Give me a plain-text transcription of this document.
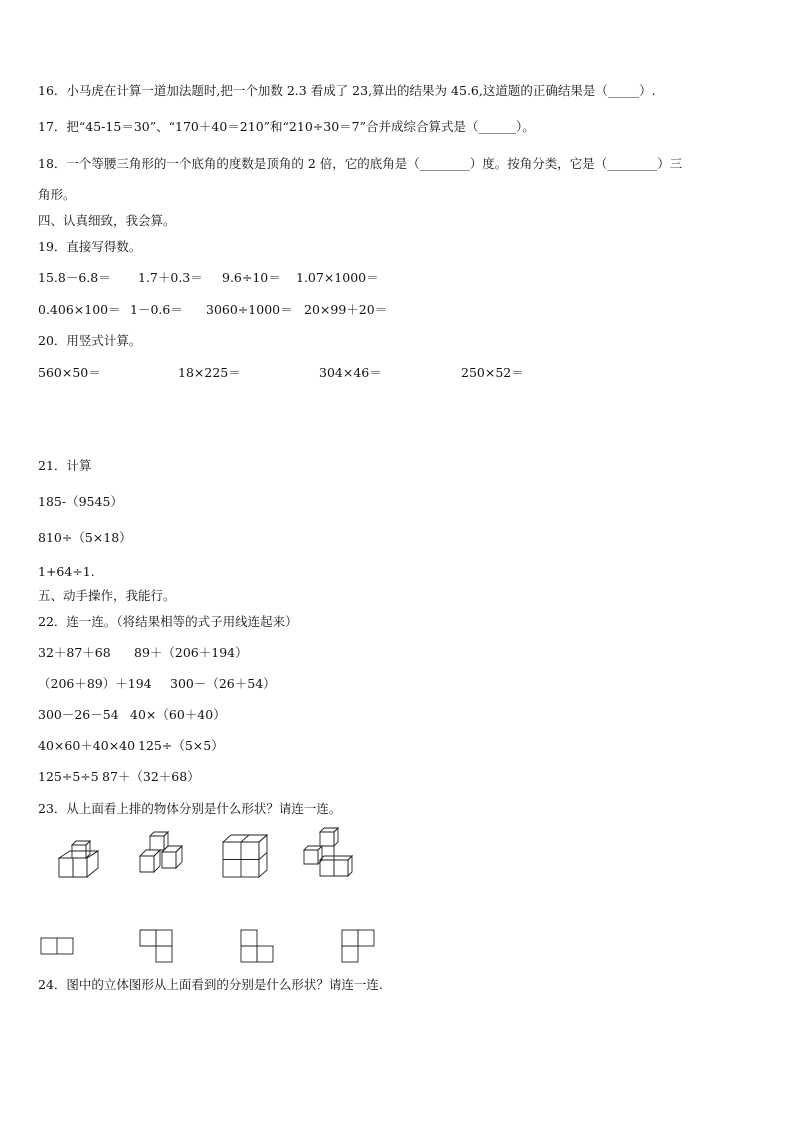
16．小马虎在计算一道加法题时,把一个加数 2.3 看成了 23,算出的结果为 45.6,这道题的正确结果是（_____）.
17．把“45-15＝30”、“170＋40＝210”和“210÷30＝7”合并成综合算式是（______）。
18．一个等腰三角形的一个底角的度数是顶角的 2 倍，它的底角是（________）度。按角分类，它是（________）三
角形。
四、认真细致，我会算。
19．直接写得数。
15.8－6.8＝ 1.7＋0.3＝ 9.6÷10＝ 1.07×1000＝
0.406×100＝ 1－0.6＝ 3060÷1000＝ 20×99＋20＝
20．用竖式计算。
560×50＝	18×225＝	304×46＝	250×52＝
21．计算
185-（9545）
810÷（5×18）
1+64÷1.
五、动手操作，我能行。
22．连一连。（将结果相等的式子用线连起来）
32＋87＋68 89＋（206＋194）
（206＋89）＋194 300－（26＋54）
300－26－54 40×（60＋40）
40×60＋40×40 125÷（5×5）
125÷5÷5 87＋（32＋68）
23．从上面看上排的物体分别是什么形状？请连一连。
24．图中的立体图形从上面看到的分别是什么形状？请连一连.
